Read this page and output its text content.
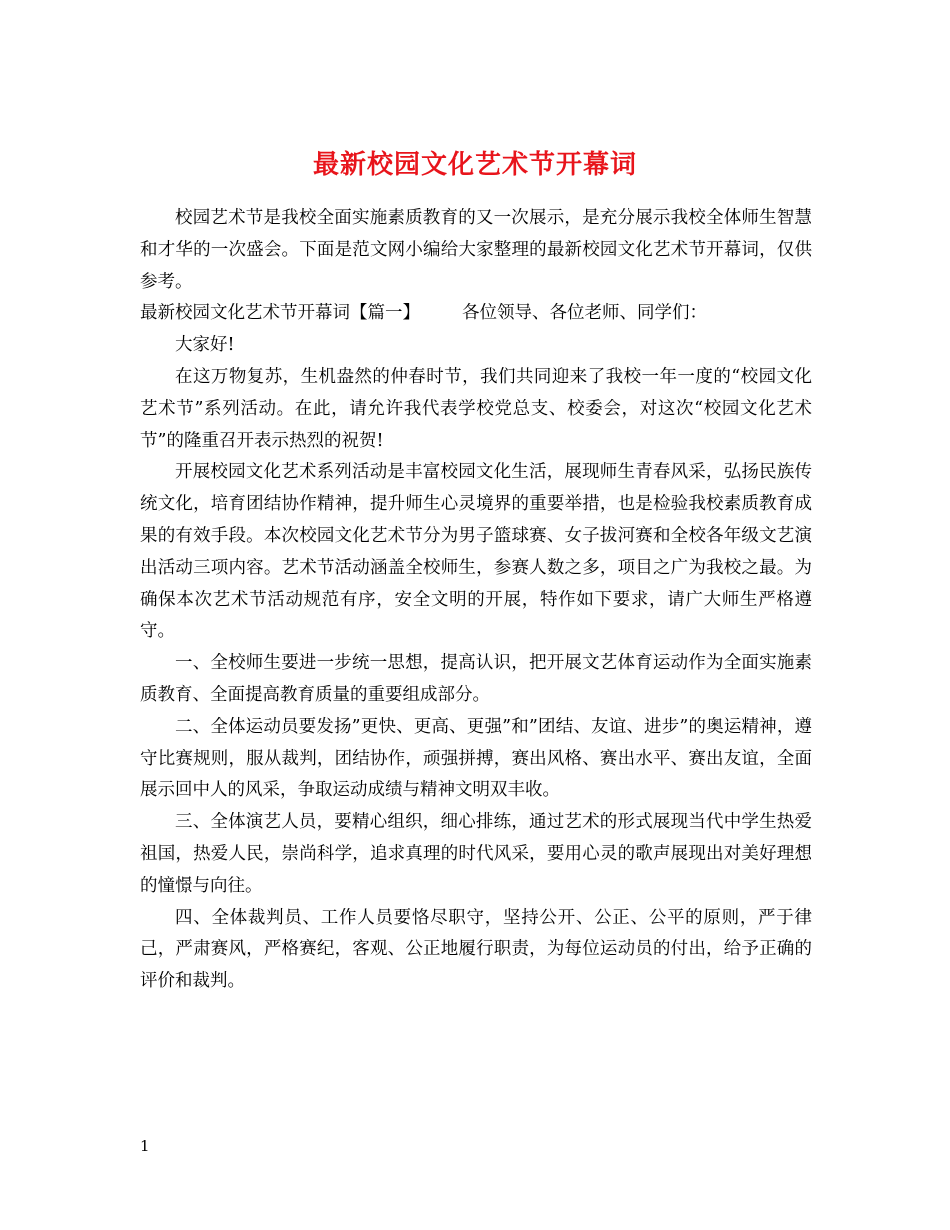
最新校园文化艺术节开幕词

校园艺术节是我校全面实施素质教育的又一次展示，是充分展示我校全体师生智慧和才华的一次盛会。下面是范文网小编给大家整理的最新校园文化艺术节开幕词，仅供参考。

最新校园文化艺术节开幕词【篇一】 各位领导、各位老师、同学们：

大家好!

在这万物复苏，生机盎然的仲春时节，我们共同迎来了我校一年一度的“校园文化艺术节”系列活动。在此，请允许我代表学校党总支、校委会，对这次“校园文化艺术节”的隆重召开表示热烈的祝贺!

开展校园文化艺术系列活动是丰富校园文化生活，展现师生青春风采，弘扬民族传统文化，培育团结协作精神，提升师生心灵境界的重要举措，也是检验我校素质教育成果的有效手段。本次校园文化艺术节分为男子篮球赛、女子拔河赛和全校各年级文艺演出活动三项内容。艺术节活动涵盖全校师生，参赛人数之多，项目之广为我校之最。为确保本次艺术节活动规范有序，安全文明的开展，特作如下要求，请广大师生严格遵守。

一、全校师生要进一步统一思想，提高认识，把开展文艺体育运动作为全面实施素质教育、全面提高教育质量的重要组成部分。

二、全体运动员要发扬”更快、更高、更强”和”团结、友谊、进步”的奥运精神，遵守比赛规则，服从裁判，团结协作，顽强拼搏，赛出风格、赛出水平、赛出友谊，全面展示回中人的风采，争取运动成绩与精神文明双丰收。

三、全体演艺人员，要精心组织，细心排练，通过艺术的形式展现当代中学生热爱祖国，热爱人民，崇尚科学，追求真理的时代风采，要用心灵的歌声展现出对美好理想的憧憬与向往。

四、全体裁判员、工作人员要恪尽职守，坚持公开、公正、公平的原则，严于律己，严肃赛风，严格赛纪，客观、公正地履行职责，为每位运动员的付出，给予正确的评价和裁判。

1
